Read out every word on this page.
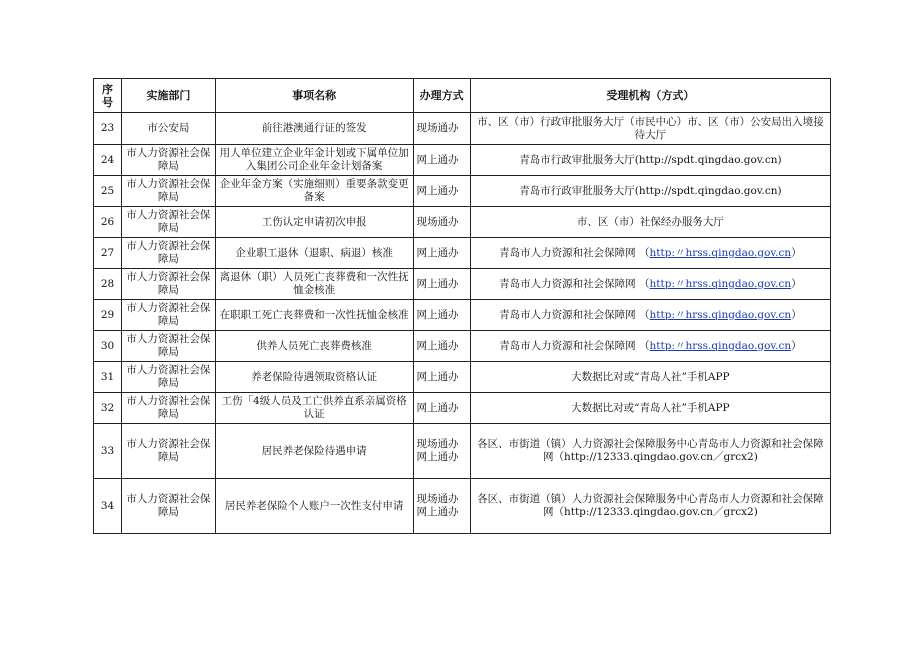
序号	实施部门	事项名称	办理方式	受理机构（方式）
23	市公安局	前往港澳通行证的签发	现场通办	市、区（市）行政审批服务大厅（市民中心）市、区（市）公安局出入境接待大厅
24	市人力资源社会保障局	用人单位建立企业年金计划或下属单位加入集团公司企业年金计划备案	网上通办	青岛市行政审批服务大厅(http://spdt.qingdao.gov.cn)
25	市人力资源社会保障局	企业年金方案（实施细则）重要条款变更备案	网上通办	青岛市行政审批服务大厅(http://spdt.qingdao.gov.cn)
26	市人力资源社会保障局	工伤认定申请初次申报	现场通办	市、区（市）社保经办服务大厅
27	市人力资源社会保障局	企业职工退休（退职、病退）核准	网上通办	青岛市人力资源和社会保障网 （http:〃hrss.qingdao.gov.cn）
28	市人力资源社会保障局	离退休（职）人员死亡丧葬费和一次性抚恤金核准	网上通办	青岛市人力资源和社会保障网 （http:〃hrss.qingdao.gov.cn）
29	市人力资源社会保障局	在职职工死亡丧葬费和一次性抚恤金核准	网上通办	青岛市人力资源和社会保障网 （http:〃hrss.qingdao.gov.cn）
30	市人力资源社会保障局	供养人员死亡丧葬费核准	网上通办	青岛市人力资源和社会保障网 （http:〃hrss.qingdao.gov.cn）
31	市人力资源社会保障局	养老保险待遇领取资格认证	网上通办	大数据比对或“青岛人社”手机APP
32	市人力资源社会保障局	工伤「4级人员及工亡供养直系亲属资格认证	网上通办	大数据比对或“青岛人社”手机APP
33	市人力资源社会保障局	居民养老保险待遇申请	现场通办网上通办	各区、市街道（镇）人力资源社会保障服务中心青岛市人力资源和社会保障网（http://12333.qingdao.gov.cn／grcx2)
34	市人力资源社会保障局	居民养老保险个人账户一次性支付申请	现场通办网上通办	各区、市街道（镇）人力资源社会保障服务中心青岛市人力资源和社会保障网（http://12333.qingdao.gov.cn／grcx2)
